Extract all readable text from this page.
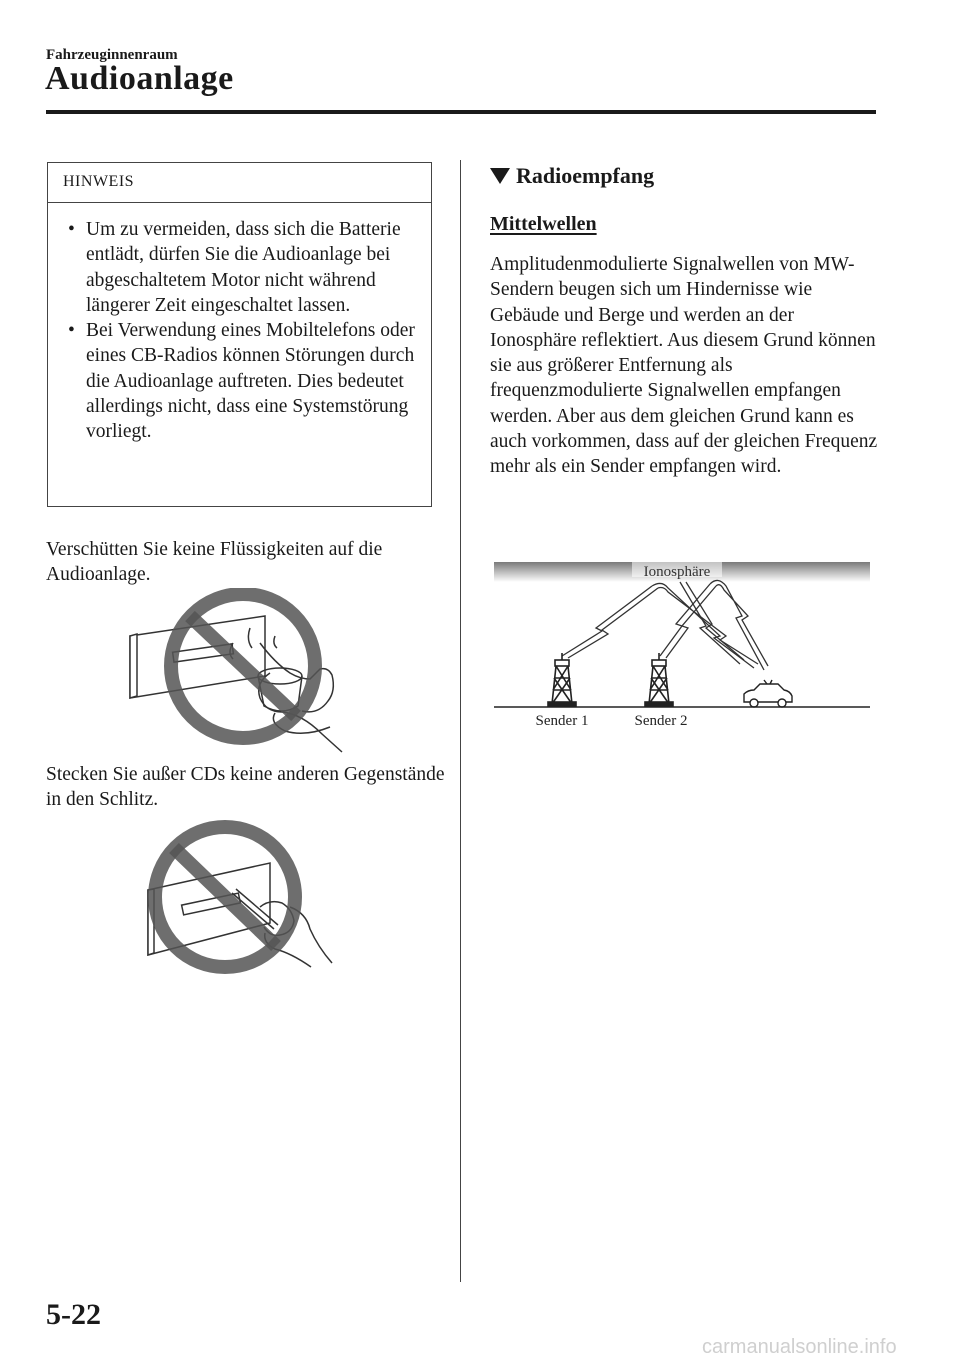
Fahrzeuginnenraum
Audioanlage
HINWEIS
• Um zu vermeiden, dass sich die Batterie entlädt, dürfen Sie die Audioanlage bei abgeschaltetem Motor nicht während längerer Zeit eingeschaltet lassen.
• Bei Verwendung eines Mobiltelefons oder eines CB-Radios können Störungen durch die Audioanlage auftreten. Dies bedeutet allerdings nicht, dass eine Systemstörung vorliegt.
Verschütten Sie keine Flüssigkeiten auf die Audioanlage.
Stecken Sie außer CDs keine anderen Gegenstände in den Schlitz.
Radioempfang
Mittelwellen
Amplitudenmodulierte Signalwellen von MW-Sendern beugen sich um Hindernisse wie Gebäude und Berge und werden an der Ionosphäre reflektiert. Aus diesem Grund können sie aus größerer Entfernung als frequenzmodulierte Signalwellen empfangen werden. Aber aus dem gleichen Grund kann es auch vorkommen, dass auf der gleichen Frequenz mehr als ein Sender empfangen wird.
Ionosphäre
Sender 1	Sender 2
5-22
carmanualsonline.info
